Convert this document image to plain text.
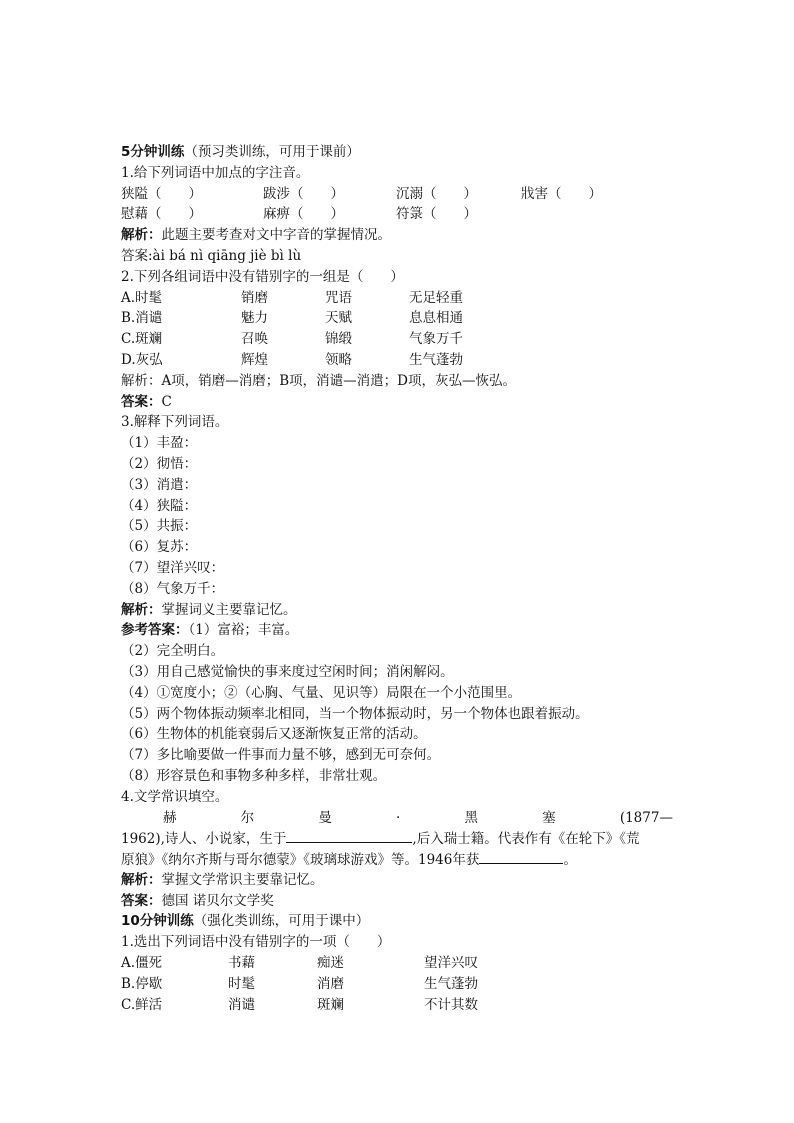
5分钟训练（预习类训练，可用于课前）
1.给下列词语中加点的字注音。
狭隘（　　）	跋涉（　　）	沉溺（　　）	戕害（　　）
慰藉（　　）	麻痹（　　）	符箓（　　）
解析：此题主要考查对文中字音的掌握情况。
答案:ài bá nì qiāng jiè bì lù
2.下列各组词语中没有错别字的一组是（　　）
A.时髦	销磨	咒语	无足轻重
B.消谴	魅力	天赋	息息相通
C.斑斓	召唤	锦缎	气象万千
D.灰弘	辉煌	领略	生气蓬勃
解析：A项，销磨—消磨；B项，消谴—消遣；D项，灰弘—恢弘。
答案：C
3.解释下列词语。
（1）丰盈：
（2）彻悟：
（3）消遣：
（4）狭隘：
（5）共振：
（6）复苏：
（7）望洋兴叹：
（8）气象万千：
解析：掌握词义主要靠记忆。
参考答案：（1）富裕；丰富。
（2）完全明白。
（3）用自己感觉愉快的事来度过空闲时间；消闲解闷。
（4）①宽度小；②（心胸、气量、见识等）局限在一个小范围里。
（5）两个物体振动频率北相同，当一个物体振动时，另一个物体也跟着振动。
（6）生物体的机能衰弱后又逐渐恢复正常的活动。
（7）多比喻要做一件事而力量不够，感到无可奈何。
（8）形容景色和事物多种多样，非常壮观。
4.文学常识填空。
赫	尔	曼	·	黑	塞	(1877—
1962),诗人、小说家，生于	,后入瑞士籍。代表作有《在轮下》《荒
原狼》《纳尔齐斯与哥尔德蒙》《玻璃球游戏》等。1946年获	。
解析：掌握文学常识主要靠记忆。
答案：德国 诺贝尔文学奖
10分钟训练（强化类训练，可用于课中）
1.选出下列词语中没有错别字的一项（　　）
A.僵死	书藉	痴迷	望洋兴叹
B.停歇	时髦	消磨	生气蓬勃
C.鲜活	消谴	斑斓	不计其数
